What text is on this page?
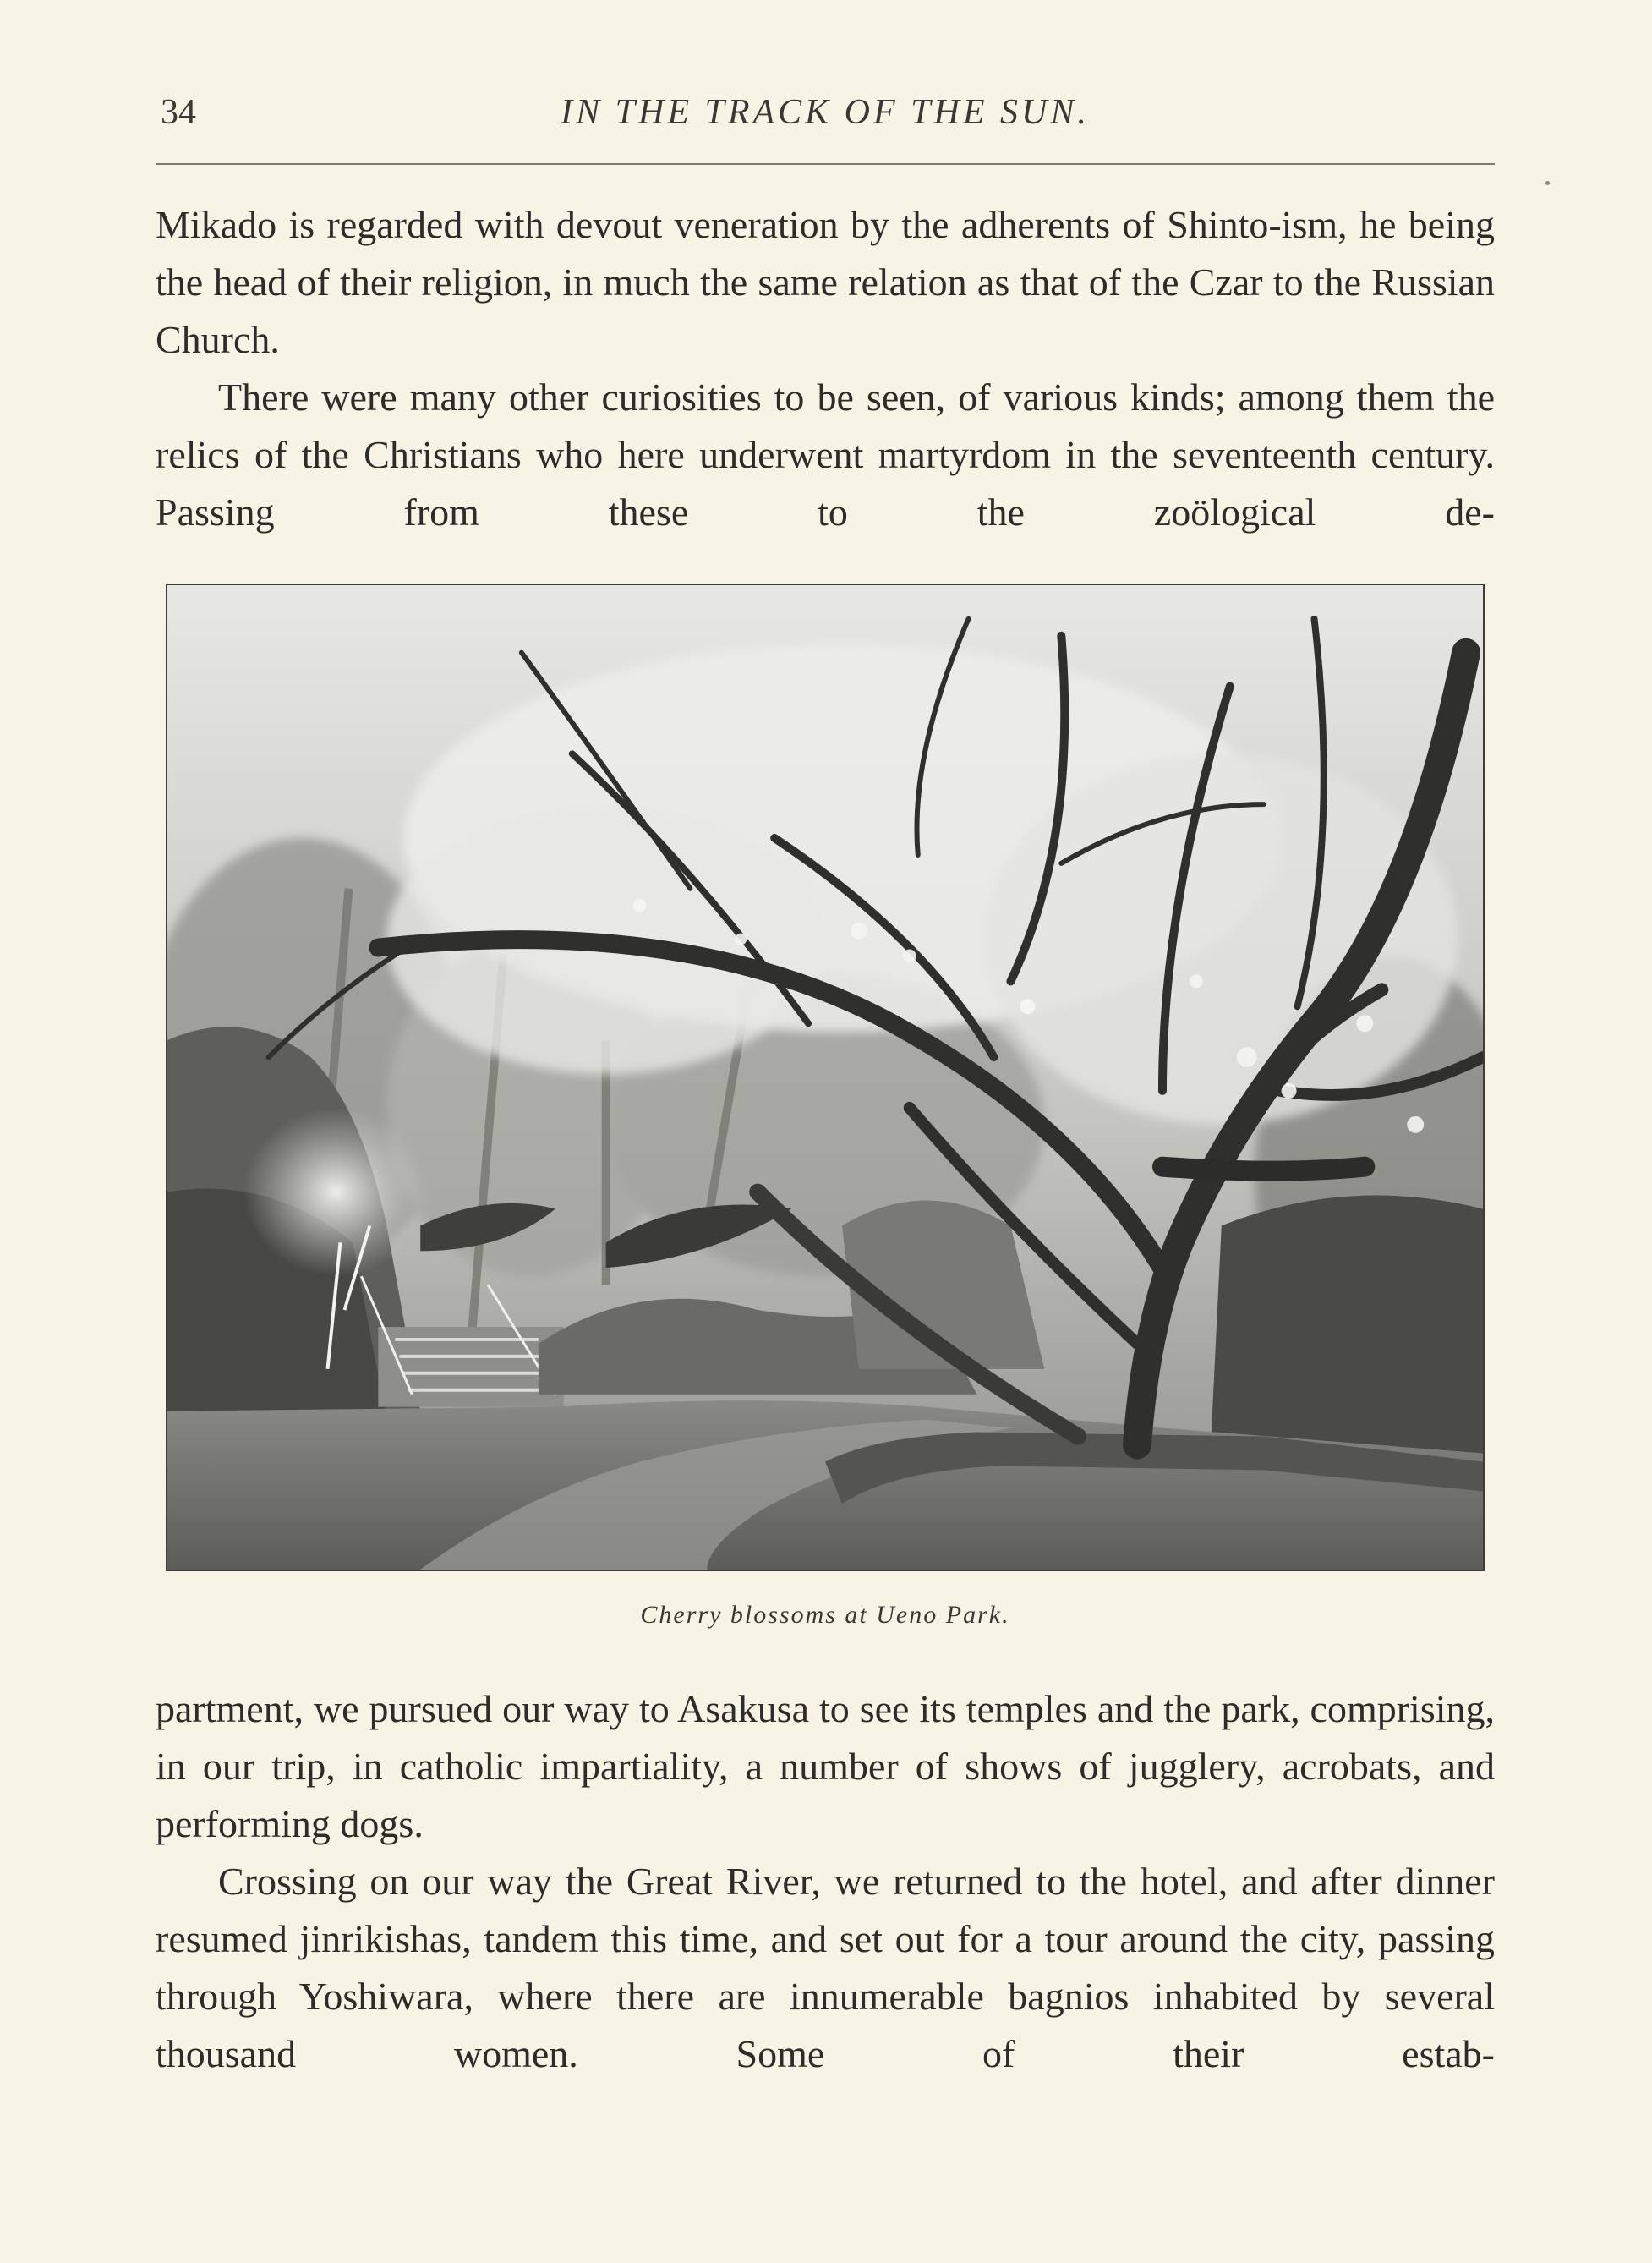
34	IN THE TRACK OF THE SUN.

Mikado is regarded with devout veneration by the adherents of Shinto-ism, he being the head of their religion, in much the same relation as that of the Czar to the Russian Church.

There were many other curiosities to be seen, of various kinds; among them the relics of the Christians who here underwent martyrdom in the seventeenth century. Passing from these to the zoölogical de-

Cherry blossoms at Ueno Park.

partment, we pursued our way to Asakusa to see its temples and the park, comprising, in our trip, in catholic impartiality, a number of shows of jugglery, acrobats, and performing dogs.

Crossing on our way the Great River, we returned to the hotel, and after dinner resumed jinrikishas, tandem this time, and set out for a tour around the city, passing through Yoshiwara, where there are innumerable bagnios inhabited by several thousand women. Some of their estab-
